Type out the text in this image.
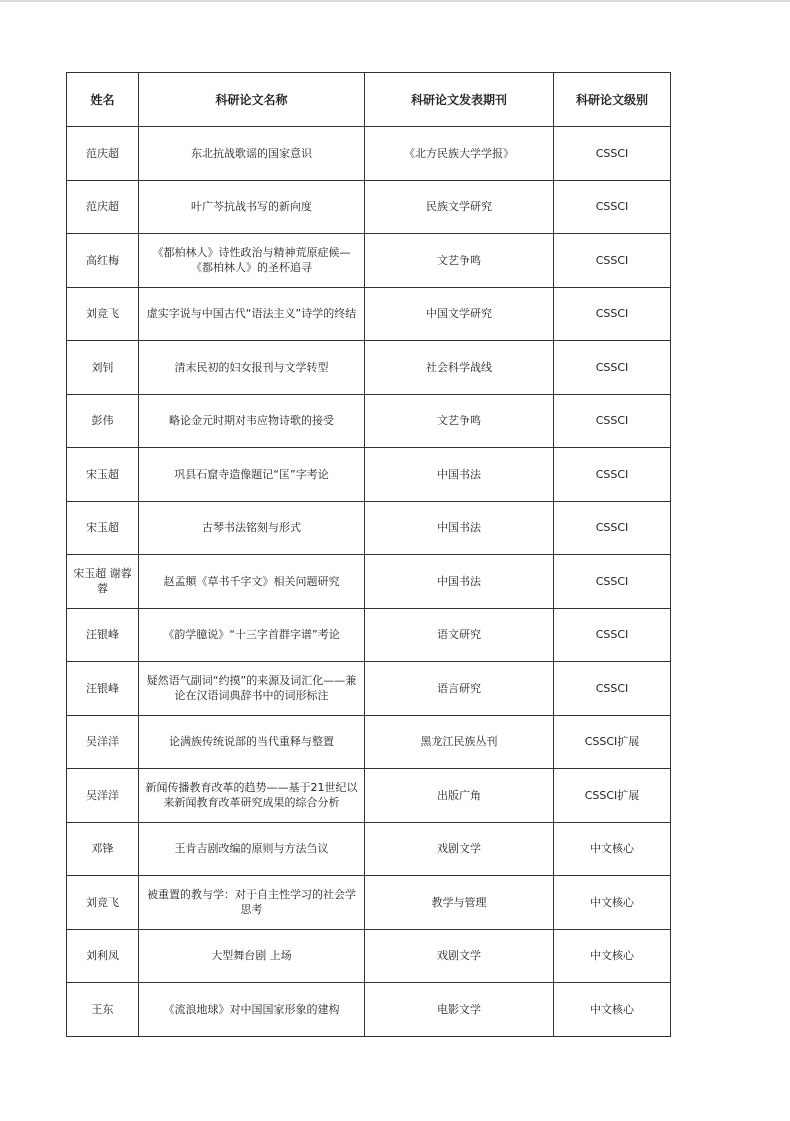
姓名	科研论文名称	科研论文发表期刊	科研论文级别
范庆超	东北抗战歌谣的国家意识	《北方民族大学学报》	CSSCI
范庆超	叶广芩抗战书写的新向度	民族文学研究	CSSCI
高红梅	《都柏林人》诗性政治与精神荒原症候—《都柏林人》的圣杯追寻	文艺争鸣	CSSCI
刘竞飞	虚实字说与中国古代“语法主义”诗学的终结	中国文学研究	CSSCI
刘钊	清末民初的妇女报刊与文学转型	社会科学战线	CSSCI
彭伟	略论金元时期对韦应物诗歌的接受	文艺争鸣	CSSCI
宋玉超	巩县石窟寺造像题记“匡”字考论	中国书法	CSSCI
宋玉超	古琴书法铭刻与形式	中国书法	CSSCI
宋玉超 谢蓉蓉	赵孟頫《草书千字文》相关问题研究	中国书法	CSSCI
汪银峰	《韵学臆说》“十三字首群字谱”考论	语文研究	CSSCI
汪银峰	疑然语气副词“约摸”的来源及词汇化——兼论在汉语词典辞书中的词形标注	语言研究	CSSCI
吴洋洋	论满族传统说部的当代重释与整置	黑龙江民族丛刊	CSSCI扩展
吴洋洋	新闻传播教育改革的趋势——基于21世纪以来新闻教育改革研究成果的综合分析	出版广角	CSSCI扩展
邓锋	王肯吉剧改编的原则与方法刍议	戏剧文学	中文核心
刘竞飞	被重置的教与学：对于自主性学习的社会学思考	教学与管理	中文核心
刘利凤	大型舞台剧 上场	戏剧文学	中文核心
王东	《流浪地球》对中国国家形象的建构	电影文学	中文核心
